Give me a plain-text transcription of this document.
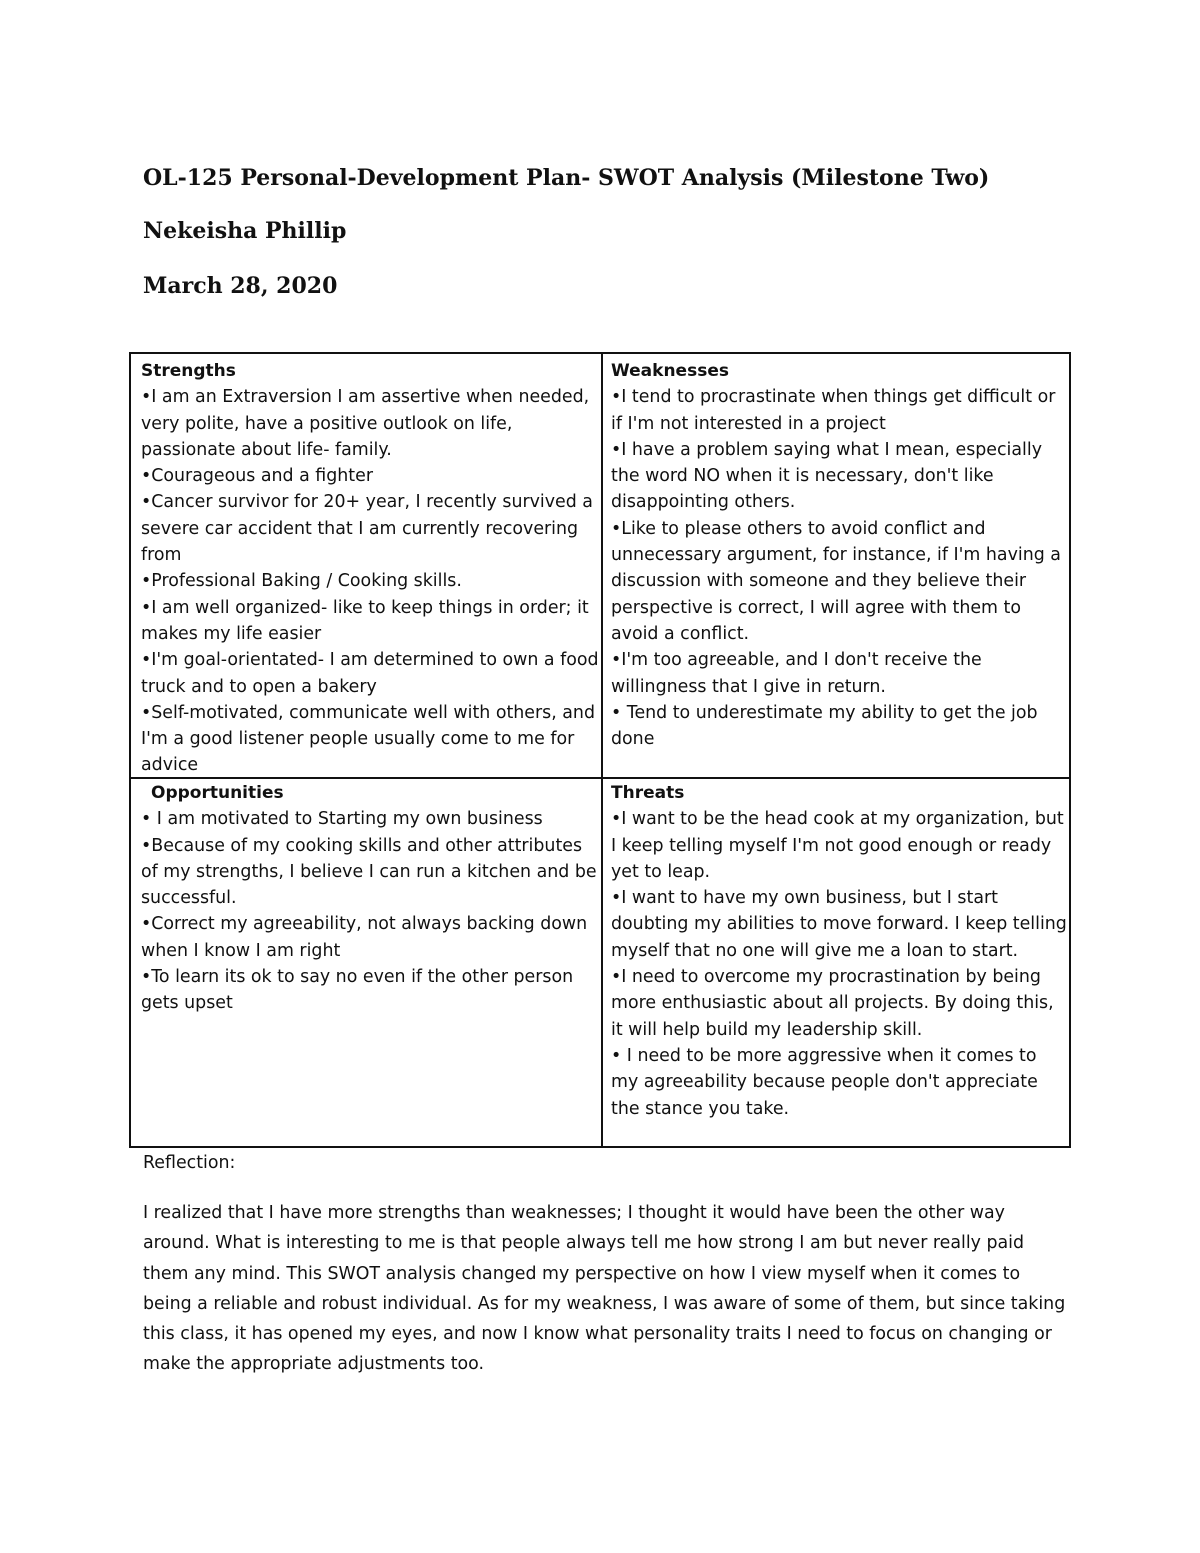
OL-125 Personal-Development Plan- SWOT Analysis (Milestone Two)
Nekeisha Phillip
March 28, 2020
Strengths
•I am an Extraversion I am assertive when needed, very polite, have a positive outlook on life, passionate about life- family.
•Courageous and a fighter
•Cancer survivor for 20+ year, I recently survived a severe car accident that I am currently recovering from
•Professional Baking / Cooking skills.
•I am well organized- like to keep things in order; it makes my life easier
•I'm goal-orientated- I am determined to own a food truck and to open a bakery
•Self-motivated, communicate well with others, and I'm a good listener people usually come to me for advice
Weaknesses
•I tend to procrastinate when things get difficult or if I'm not interested in a project
•I have a problem saying what I mean, especially the word NO when it is necessary, don't like disappointing others.
•Like to please others to avoid conflict and unnecessary argument, for instance, if I'm having a discussion with someone and they believe their perspective is correct, I will agree with them to avoid a conflict.
•I'm too agreeable, and I don't receive the willingness that I give in return.
• Tend to underestimate my ability to get the job done
Opportunities
• I am motivated to Starting my own business
•Because of my cooking skills and other attributes of my strengths, I believe I can run a kitchen and be successful.
•Correct my agreeability, not always backing down when I know I am right
•To learn its ok to say no even if the other person gets upset
Threats
•I want to be the head cook at my organization, but I keep telling myself I'm not good enough or ready yet to leap.
•I want to have my own business, but I start doubting my abilities to move forward. I keep telling myself that no one will give me a loan to start.
•I need to overcome my procrastination by being more enthusiastic about all projects. By doing this, it will help build my leadership skill.
• I need to be more aggressive when it comes to my agreeability because people don't appreciate the stance you take.
Reflection:
I realized that I have more strengths than weaknesses; I thought it would have been the other way around. What is interesting to me is that people always tell me how strong I am but never really paid them any mind. This SWOT analysis changed my perspective on how I view myself when it comes to being a reliable and robust individual. As for my weakness, I was aware of some of them, but since taking this class, it has opened my eyes, and now I know what personality traits I need to focus on changing or make the appropriate adjustments too.
